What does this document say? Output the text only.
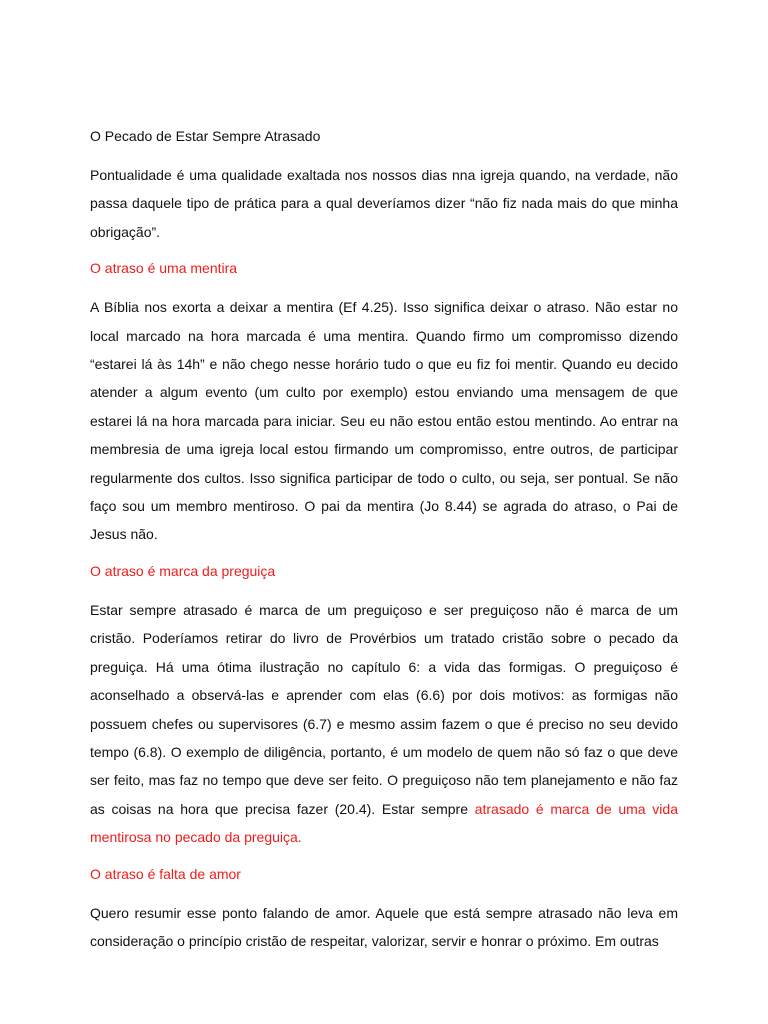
O Pecado de Estar Sempre Atrasado
Pontualidade é uma qualidade exaltada nos nossos dias nna igreja quando, na verdade, não passa daquele tipo de prática para a qual deveríamos dizer “não fiz nada mais do que minha obrigação”.
O atraso é uma mentira
A Bíblia nos exorta a deixar a mentira (Ef 4.25). Isso significa deixar o atraso. Não estar no local marcado na hora marcada é uma mentira. Quando firmo um compromisso dizendo “estarei lá às 14h” e não chego nesse horário tudo o que eu fiz foi mentir. Quando eu decido atender a algum evento (um culto por exemplo) estou enviando uma mensagem de que estarei lá na hora marcada para iniciar. Seu eu não estou então estou mentindo. Ao entrar na membresia de uma igreja local estou firmando um compromisso, entre outros, de participar regularmente dos cultos. Isso significa participar de todo o culto, ou seja, ser pontual. Se não faço sou um membro mentiroso. O pai da mentira (Jo 8.44) se agrada do atraso, o Pai de Jesus não.
O atraso é marca da preguiça
Estar sempre atrasado é marca de um preguiçoso e ser preguiçoso não é marca de um cristão. Poderíamos retirar do livro de Provérbios um tratado cristão sobre o pecado da preguiça. Há uma ótima ilustração no capítulo 6: a vida das formigas. O preguiçoso é aconselhado a observá-las e aprender com elas (6.6) por dois motivos: as formigas não possuem chefes ou supervisores (6.7) e mesmo assim fazem o que é preciso no seu devido tempo (6.8). O exemplo de diligência, portanto, é um modelo de quem não só faz o que deve ser feito, mas faz no tempo que deve ser feito. O preguiçoso não tem planejamento e não faz as coisas na hora que precisa fazer (20.4). Estar sempre atrasado é marca de uma vida mentirosa no pecado da preguiça.
O atraso é falta de amor
Quero resumir esse ponto falando de amor. Aquele que está sempre atrasado não leva em consideração o princípio cristão de respeitar, valorizar, servir e honrar o próximo. Em outras
